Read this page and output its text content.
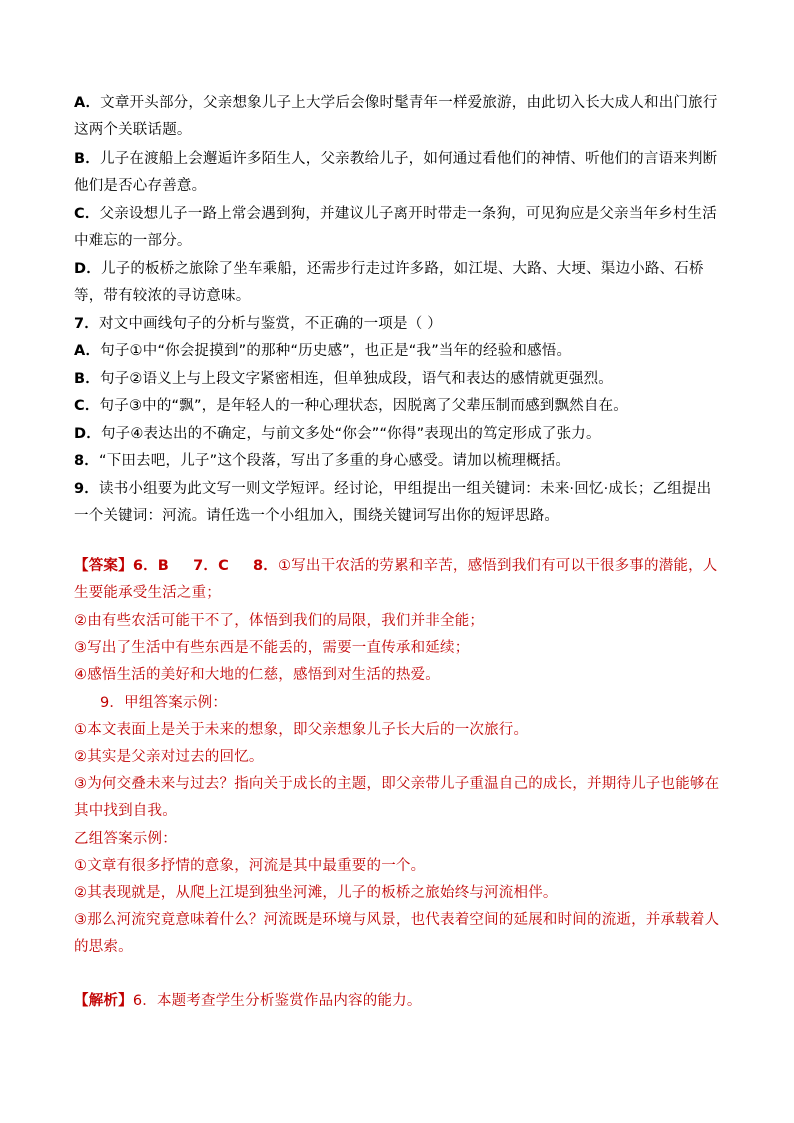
A．文章开头部分，父亲想象儿子上大学后会像时髦青年一样爱旅游，由此切入长大成人和出门旅行这两个关联话题。
B．儿子在渡船上会邂逅许多陌生人，父亲教给儿子，如何通过看他们的神情、听他们的言语来判断他们是否心存善意。
C．父亲设想儿子一路上常会遇到狗，并建议儿子离开时带走一条狗，可见狗应是父亲当年乡村生活中难忘的一部分。
D．儿子的板桥之旅除了坐车乘船，还需步行走过许多路，如江堤、大路、大埂、渠边小路、石桥等，带有较浓的寻访意味。
7．对文中画线句子的分析与鉴赏，不正确的一项是（ ）
A．句子①中“你会捉摸到”的那种“历史感”，也正是“我”当年的经验和感悟。
B．句子②语义上与上段文字紧密相连，但单独成段，语气和表达的感情就更强烈。
C．句子③中的“飘”，是年轻人的一种心理状态，因脱离了父辈压制而感到飘然自在。
D．句子④表达出的不确定，与前文多处“你会”“你得”表现出的笃定形成了张力。
8．“下田去吧，儿子”这个段落，写出了多重的身心感受。请加以梳理概括。
9．读书小组要为此文写一则文学短评。经讨论，甲组提出一组关键词：未来·回忆·成长；乙组提出一个关键词：河流。请任选一个小组加入，围绕关键词写出你的短评思路。
【答案】6．B 7．C 8．①写出干农活的劳累和辛苦，感悟到我们有可以干很多事的潜能，人生要能承受生活之重；
②由有些农活可能干不了，体悟到我们的局限，我们并非全能；
③写出了生活中有些东西是不能丢的，需要一直传承和延续；
④感悟生活的美好和大地的仁慈，感悟到对生活的热爱。
9．甲组答案示例：
①本文表面上是关于未来的想象，即父亲想象儿子长大后的一次旅行。
②其实是父亲对过去的回忆。
③为何交叠未来与过去？指向关于成长的主题，即父亲带儿子重温自己的成长，并期待儿子也能够在其中找到自我。
乙组答案示例：
①文章有很多抒情的意象，河流是其中最重要的一个。
②其表现就是，从爬上江堤到独坐河滩，儿子的板桥之旅始终与河流相伴。
③那么河流究竟意味着什么？河流既是环境与风景，也代表着空间的延展和时间的流逝，并承载着人的思索。
【解析】6．本题考查学生分析鉴赏作品内容的能力。
